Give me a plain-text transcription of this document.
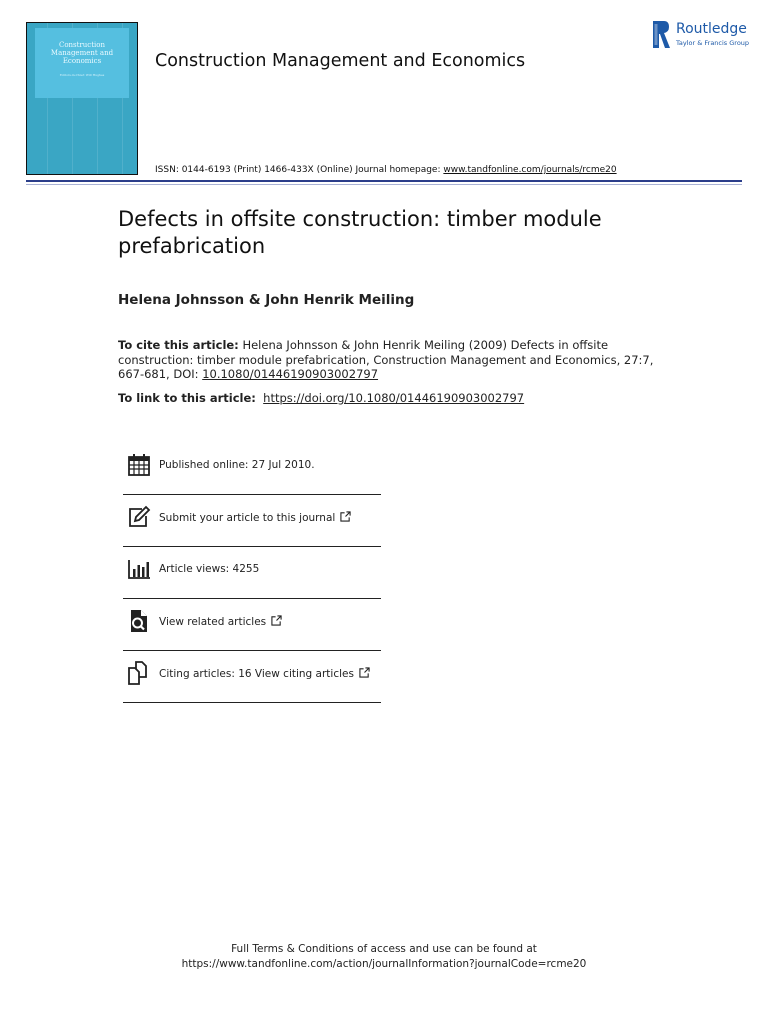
Construction
Management and
Economics
Editors-in-Chief: Will Hughes
Construction Management and Economics
Routledge
Taylor & Francis Group
ISSN: 0144-6193 (Print) 1466-433X (Online) Journal homepage: www.tandfonline.com/journals/rcme20
Defects in offsite construction: timber module prefabrication
Helena Johnsson & John Henrik Meiling
To cite this article: Helena Johnsson & John Henrik Meiling (2009) Defects in offsite construction: timber module prefabrication, Construction Management and Economics, 27:7, 667-681, DOI: 10.1080/01446190903002797
To link to this article: https://doi.org/10.1080/01446190903002797
Published online: 27 Jul 2010.
Submit your article to this journal
Article views: 4255
View related articles
Citing articles: 16 View citing articles
Full Terms & Conditions of access and use can be found at
https://www.tandfonline.com/action/journalInformation?journalCode=rcme20
